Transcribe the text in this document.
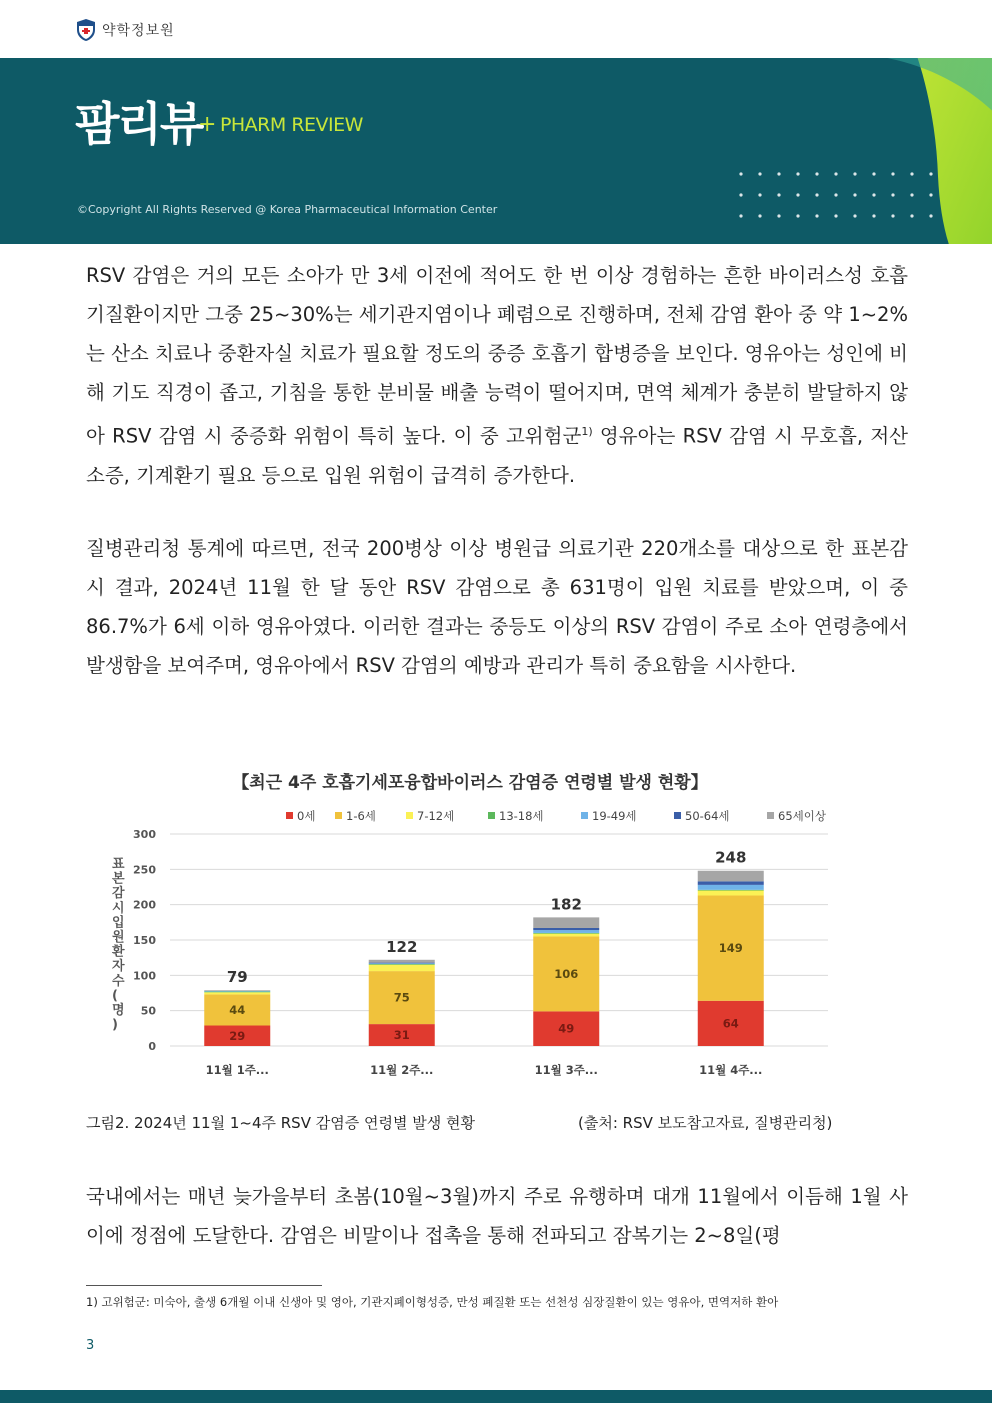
약학정보원
팜리뷰
+ PHARM REVIEW
©Copyright All Rights Reserved @ Korea Pharmaceutical Information Center
RSV 감염은 거의 모든 소아가 만 3세 이전에 적어도 한 번 이상 경험하는 흔한 바이러스성 호흡기질환이지만 그중 25~30%는 세기관지염이나 폐렴으로 진행하며, 전체 감염 환아 중 약 1~2%는 산소 치료나 중환자실 치료가 필요할 정도의 중증 호흡기 합병증을 보인다. 영유아는 성인에 비해 기도 직경이 좁고, 기침을 통한 분비물 배출 능력이 떨어지며, 면역 체계가 충분히 발달하지 않아 RSV 감염 시 중증화 위험이 특히 높다. 이 중 고위험군$^{1)}$ 영유아는 RSV 감염 시 무호흡, 저산소증, 기계환기 필요 등으로 입원 위험이 급격히 증가한다.
질병관리청 통계에 따르면, 전국 200병상 이상 병원급 의료기관 220개소를 대상으로 한 표본감시 결과, 2024년 11월 한 달 동안 RSV 감염으로 총 631명이 입원 치료를 받았으며, 이 중 86.7%가 6세 이하 영유아였다. 이러한 결과는 중등도 이상의 RSV 감염이 주로 소아 연령층에서 발생함을 보여주며, 영유아에서 RSV 감염의 예방과 관리가 특히 중요함을 시사한다.
【최근 4주 호흡기세포융합바이러스 감염증 연령별 발생 현황】
0세	1-6세	7-12세	13-18세	19-49세	50-64세	65세이상
0
50
100
150
200
250
300
표 본 감 시 입 원 환 자 수 ( 명 )
29
44
79
11월 1주...
31
75
122
11월 2주...
49
106
182
11월 3주...
64
149
248
11월 4주...
그림2. 2024년 11월 1~4주 RSV 감염증 연령별 발생 현황	(출처: RSV 보도참고자료, 질병관리청)
국내에서는 매년 늦가을부터 초봄(10월~3월)까지 주로 유행하며 대개 11월에서 이듬해 1월 사이에 정점에 도달한다. 감염은 비말이나 접촉을 통해 전파되고 잠복기는 2~8일(평
1) 고위험군: 미숙아, 출생 6개월 이내 신생아 및 영아, 기관지폐이형성증, 만성 폐질환 또는 선천성 심장질환이 있는 영유아, 면역저하 환아
3
